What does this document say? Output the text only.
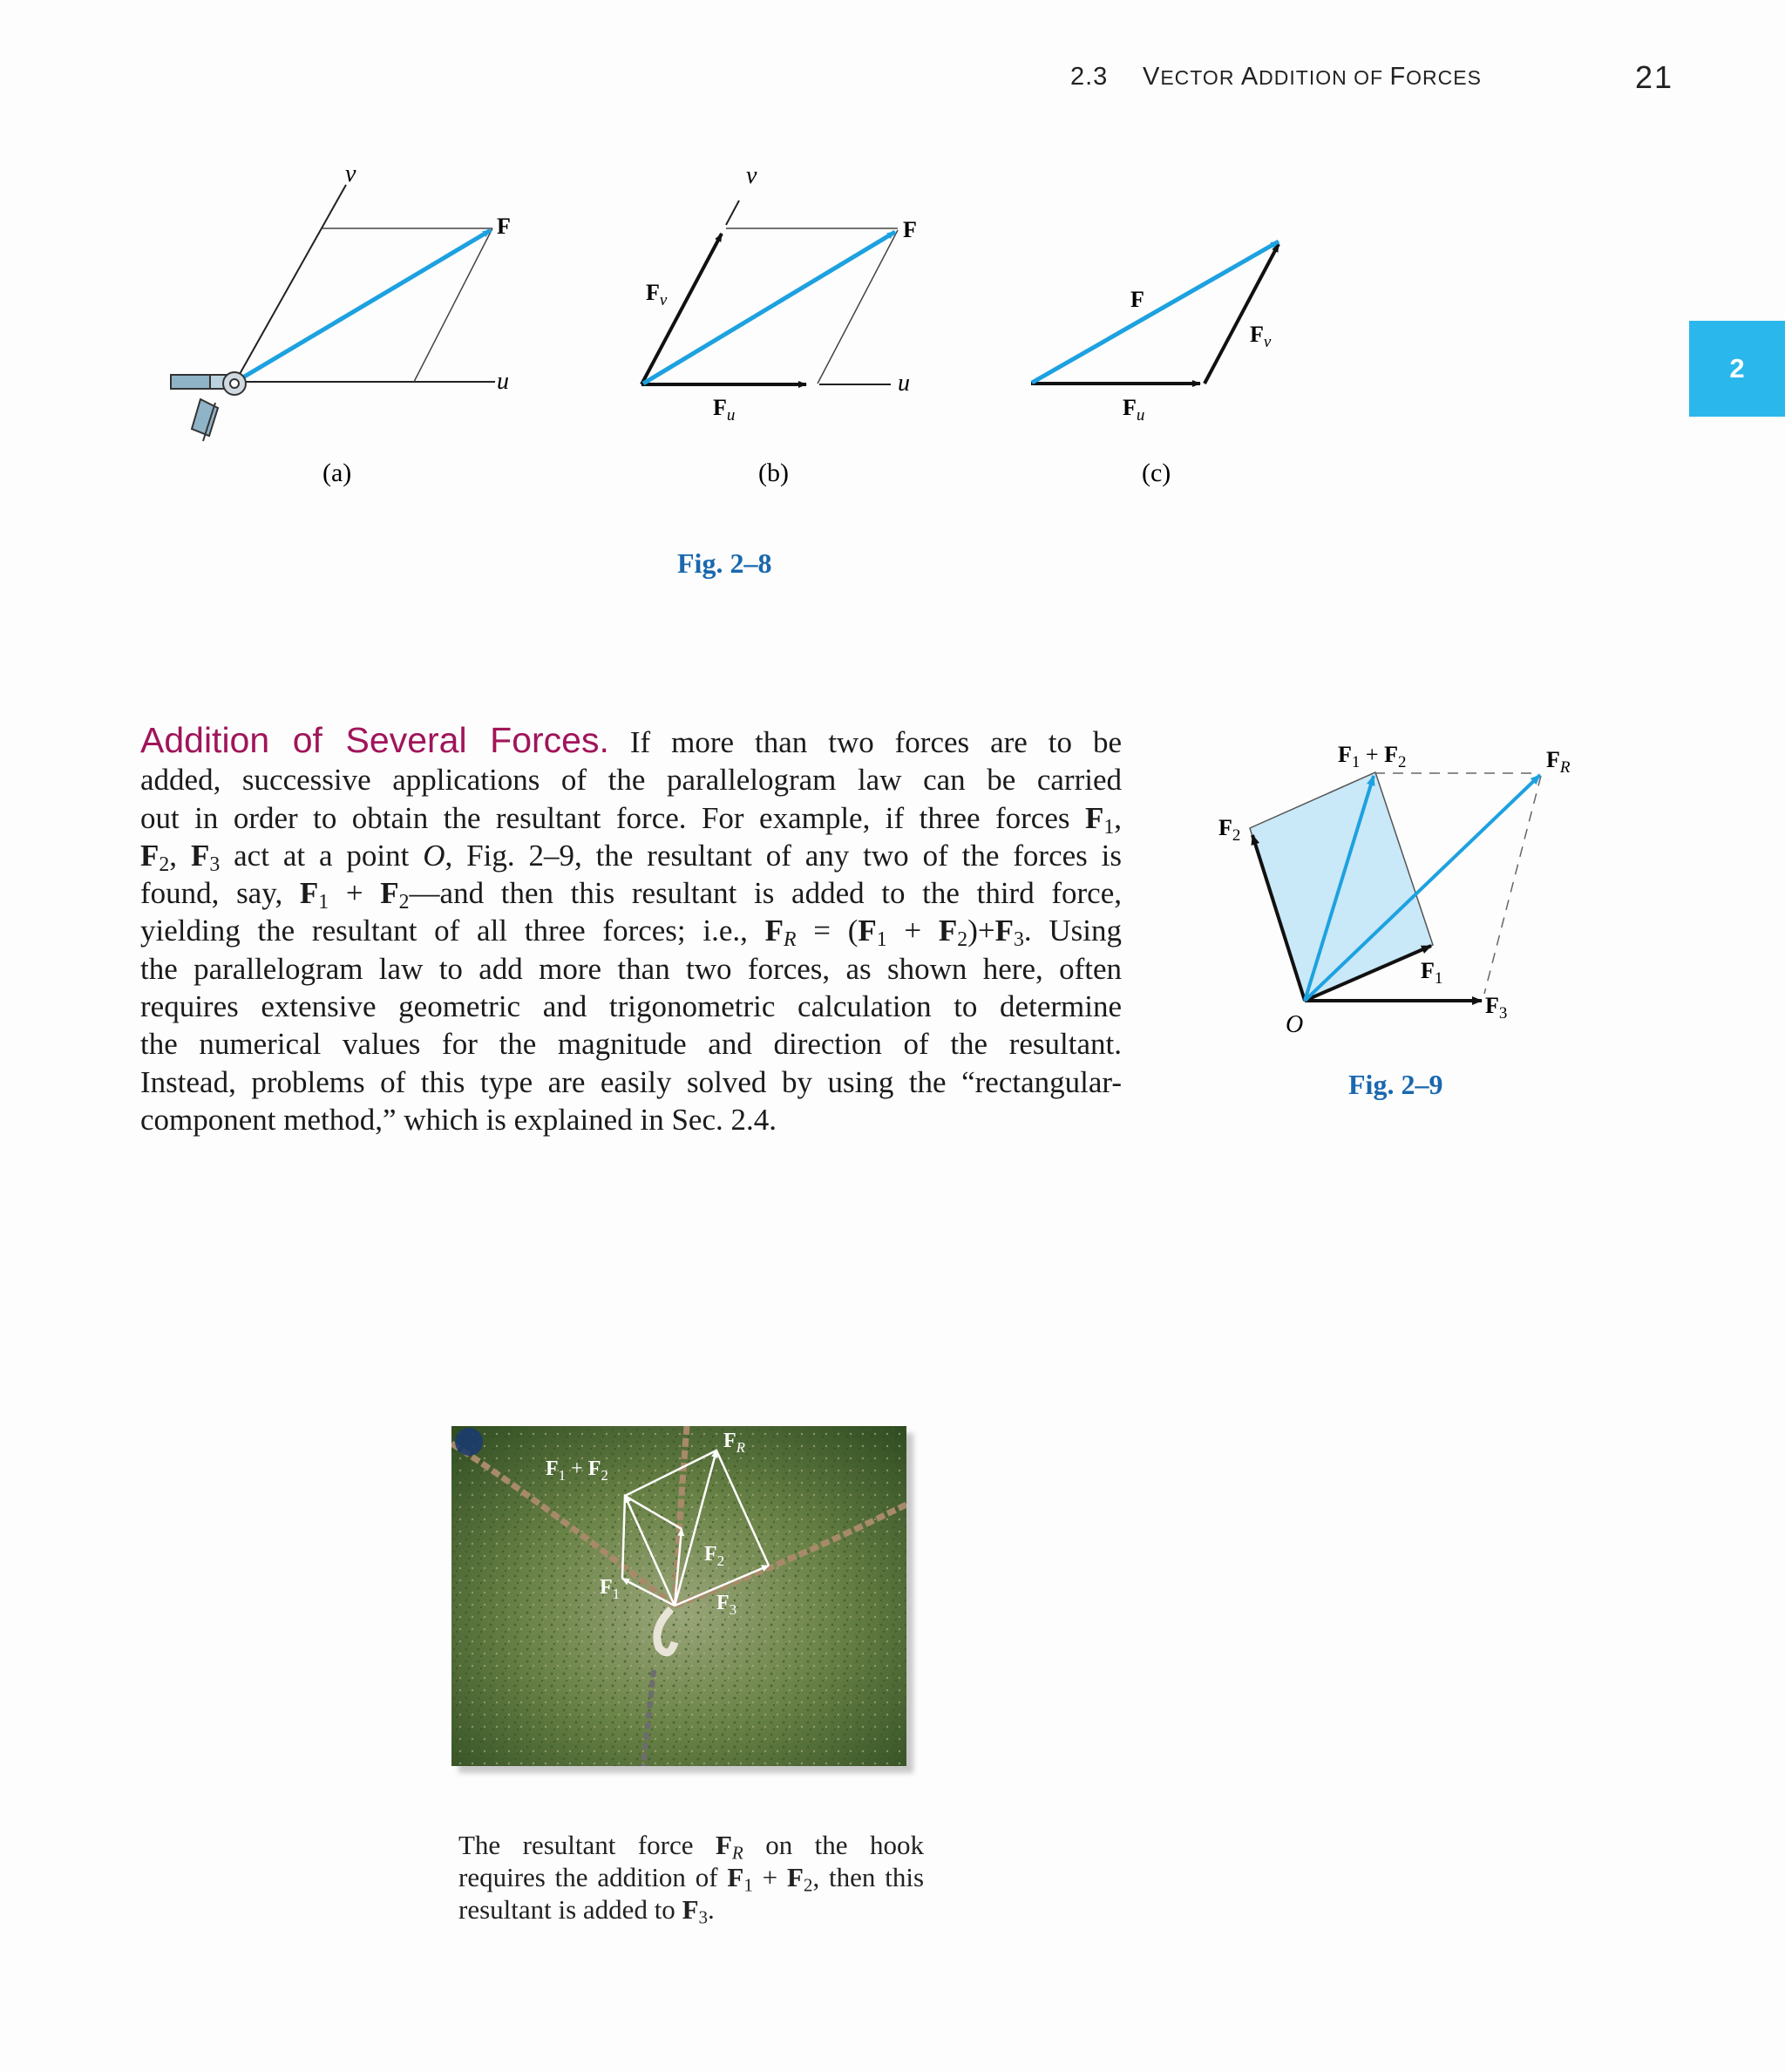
2.3 VECTOR ADDITION OF FORCES	21
2
v
u
F
(a)
v
u
F
$F_v$
$F_u$
(b)
F
$F_v$
$F_u$
(c)
Fig. 2–8
Addition of Several Forces. If more than two forces are to be
added, successive applications of the parallelogram law can be carried
out in order to obtain the resultant force. For example, if three forces $F_1$,
$F_2$, $F_3$ act at a point O, Fig. 2–9, the resultant of any two of the forces is
found, say, $F_1$ + $F_2—and$ then this resultant is added to the third force,
yielding the resultant of all three forces; i.e., $F_R = (F_1 + F_2)+F_3$. Using
the parallelogram law to add more than two forces, as shown here, often
requires extensive geometric and trigonometric calculation to determine
the numerical values for the magnitude and direction of the resultant.
Instead, problems of this type are easily solved by using the “rectangular-
component method,” which is explained in Sec. 2.4.
O
$F_2$
$F_1$
$F_3$
$F_R$
$F_1 + F_2$
Fig. 2–9
$F_1 + F_2$
$F_R$
$F_1$
$F_2$
$F_3$
The resultant force $F_R$ on the hook
requires the addition of $F_1 + F_2$, then this
resultant is added to $F_3$.
